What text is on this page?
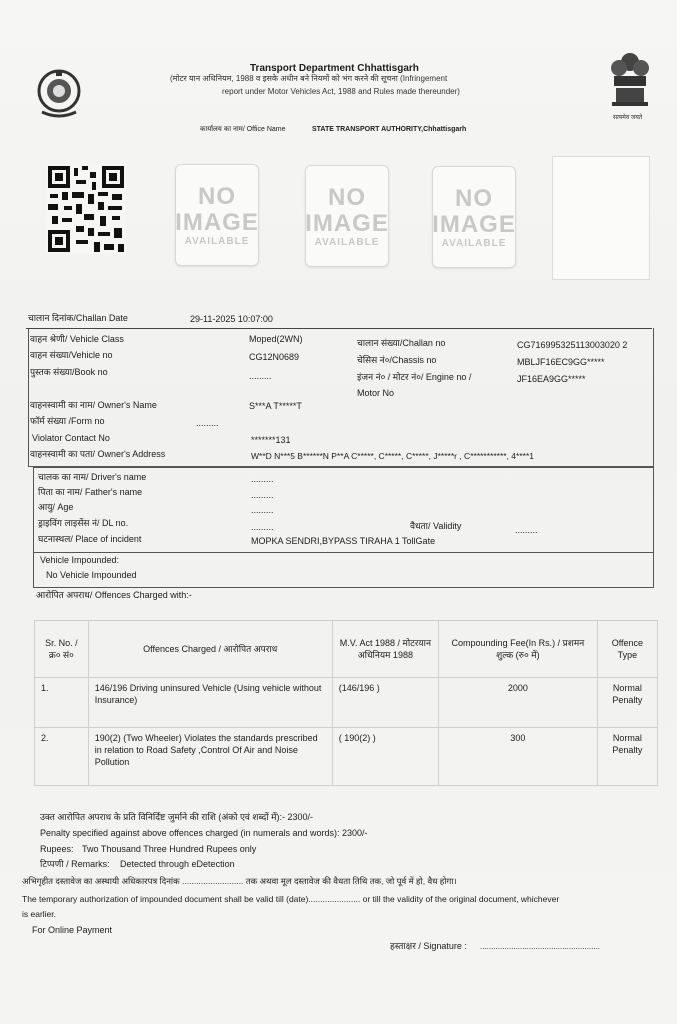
सत्यमेव जयते
Transport Department Chhattisgarh
(मोटर यान अधिनियम, 1988 व इसके अधीन बने नियमों को भंग करने की सूचना (Infringement
report under Motor Vehicles Act, 1988 and Rules made thereunder)
कार्यालय का नाम/ Office Name	STATE TRANSPORT AUTHORITY,Chhattisgarh
NO
IMAGE
AVAILABLE
NO
IMAGE
AVAILABLE
NO
IMAGE
AVAILABLE
चालान दिनांक/Challan Date	29-11-2025 10:07:00
वाहन श्रेणी/ Vehicle Class	Moped(2WN)	चालान संख्या/Challan no	CG716995325113003020 2
वाहन संख्या/Vehicle no	CG12N0689	चेसिस नं०/Chassis no	MBLJF16EC9GG*****
पुस्तक संख्या/Book no	.........	इंजन नं० / मोटर नं०/ Engine no /
Motor No
JF16EA9GG*****
वाहनस्वामी का नाम/ Owner's Name	S***A T*****T
फॉर्म संख्या /Form no	.........
Violator Contact No	*******131
वाहनस्वामी का पता/ Owner's Address	W**D N***5 B******N P**A C*****, C*****, C*****, J*****r , C***********, 4****1
चालक का नाम/ Driver's name	.........
पिता का नाम/ Father's name	.........
आयु/ Age	.........
ड्राइविंग लाइसेंस नं/ DL no.	.........	वैधता/ Validity	.........
घटनास्थल/ Place of incident	MOPKA SENDRI,BYPASS TIRAHA 1 TollGate
Vehicle Impounded:
No Vehicle Impounded
आरोपित अपराध/ Offences Charged with:-
Sr. No. / क्र० सं०	Offences Charged / आरोपित अपराध	M.V. Act 1988 / मोटरयान अधिनियम 1988	Compounding Fee(In Rs.) / प्रशमन शुल्क (रु० में)	Offence Type
1.	146/196 Driving uninsured Vehicle (Using vehicle without Insurance)	(146/196 )	2000	Normal Penalty
2.	190(2) (Two Wheeler) Violates the standards prescribed in relation to Road Safety ,Control Of Air and Noise Pollution	( 190(2) )	300	Normal Penalty
उक्त आरोपित अपराध के प्रति विनिर्दिष्ट जुर्माने की राशि (अंको एवं शब्दों में):- 2300/-
Penalty specified against above offences charged (in numerals and words): 2300/-
Rupees: Two Thousand Three Hundred Rupees only
टिप्पणी / Remarks: Detected through eDetection
अभिगृहीत दस्तावेज का अस्थायी अधिकारपत्र दिनांक .......................... तक अथवा मूल दस्तावेज की वैधता तिथि तक, जो पूर्व में हो, वैध होगा।
The temporary authorization of impounded document shall be valid till (date)...................... or till the validity of the original document, whichever
is earlier.
For Online Payment
हस्ताक्षर / Signature : ......................................................
